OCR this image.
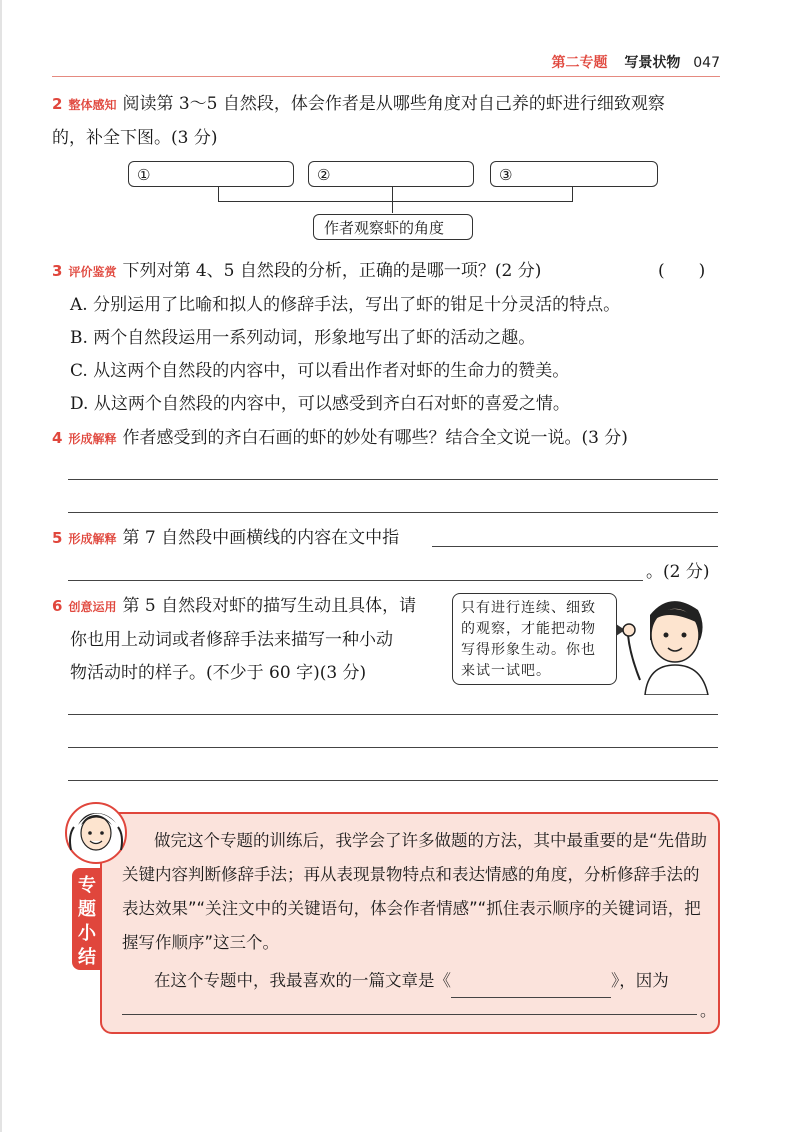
第二专题 写景状物 047
2 整体感知 阅读第 3～5 自然段，体会作者是从哪些角度对自己养的虾进行细致观察
的，补全下图。(3 分)
①	②	③
作者观察虾的角度
3 评价鉴赏 下列对第 4、5 自然段的分析，正确的是哪一项？(2 分)
A. 分别运用了比喻和拟人的修辞手法，写出了虾的钳足十分灵活的特点。
B. 两个自然段运用一系列动词，形象地写出了虾的活动之趣。
C. 从这两个自然段的内容中，可以看出作者对虾的生命力的赞美。
D. 从这两个自然段的内容中，可以感受到齐白石对虾的喜爱之情。
(　　)
4 形成解释 作者感受到的齐白石画的虾的妙处有哪些？结合全文说一说。(3 分)
5 形成解释 第 7 自然段中画横线的内容在文中指
。(2 分)
6 创意运用 第 5 自然段对虾的描写生动且具体，请
你也用上动词或者修辞手法来描写一种小动
物活动时的样子。(不少于 60 字)(3 分)
只有进行连续、细致的观察，才能把动物写得形象生动。你也来试一试吧。
专题小结

做完这个专题的训练后，我学会了许多做题的方法，其中最重要的是“先借助关键内容判断修辞手法；再从表现景物特点和表达情感的角度，分析修辞手法的表达效果”“关注文中的关键语句，体会作者情感”“抓住表示顺序的关键词语，把握写作顺序”这三个。

在这个专题中，我最喜欢的一篇文章是《	》，因为

。
